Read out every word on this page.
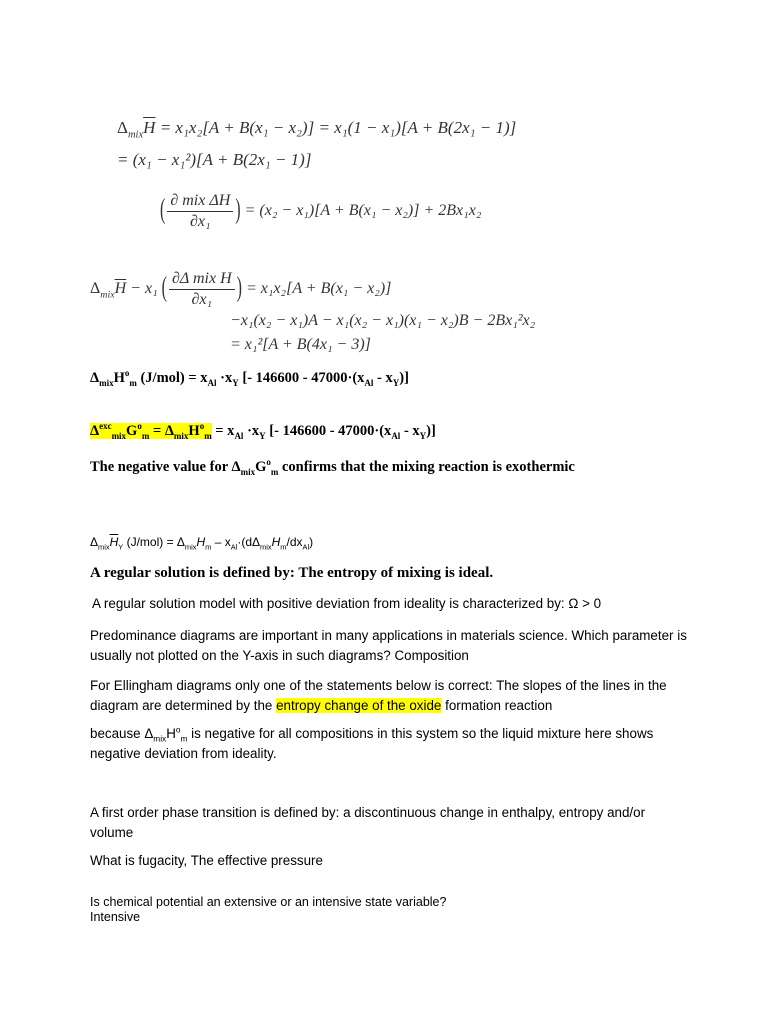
$\Delta_{mix}\overline{H} = x_1x_2[A + B(x_1 - x_2)] = x_1(1 - x_1)[A + B(2x_1 - 1)]$
= (x₁ − x₁²)[A + B(2x₁ − 1)]
( $\frac{\text{∂ mix ΔH}}{\text{∂x₁}}$ ) = (x₂ − x₁)[A + B(x₁ − x₂)] + 2Bx₁x₂
$\Delta_{mix}\overline{H} - x_1$ ( $\frac{\text{∂Δ mix H}}{\text{∂x₁}}$ ) = x₁x₂[A + B(x₁ − x₂)]
−x₁(x₂ − x₁)A − x₁(x₂ − x₁)(x₁ − x₂)B − 2Bx₁²x₂
= x₁²[A + B(4x₁ − 3)]
$\Delta_{mix}H^o_m$ $(J/mol) = x_{Al} \cdot x_Y$ [- $146600 - 47000\cdot(x_{Al} - x_Y)$]
$\Delta^{exc}_{mix}G^o_m = \Delta_{mix}H^o_m = x_{Al} \cdot x_Y$ [- $146600 - 47000\cdot(x_{Al} - x_Y)$]
The negative value for $\Delta_{mix}G^o_m$ confirms that the mixing reaction is exothermic
$\Delta_{mix}\overline{H}_Y$ $(J/mol) = \Delta_{mix}H_m - x_{Al}\cdot(d\Delta_{mix}H_m/dx_{Al})$
A regular solution is defined by: The entropy of mixing is ideal.
A regular solution model with positive deviation from ideality is characterized by: Ω > 0
Predominance diagrams are important in many applications in materials science. Which parameter is usually not plotted on the Y-axis in such diagrams? Composition
For Ellingham diagrams only one of the statements below is correct: The slopes of the lines in the diagram are determined by the entropy change of the oxide formation reaction
because $\Delta_{mix}H^o_m$ is negative for all compositions in this system so the liquid mixture here shows negative deviation from ideality.
A first order phase transition is defined by: a discontinuous change in enthalpy, entropy and/or volume
What is fugacity, The effective pressure
Is chemical potential an extensive or an intensive state variable?
Intensive
